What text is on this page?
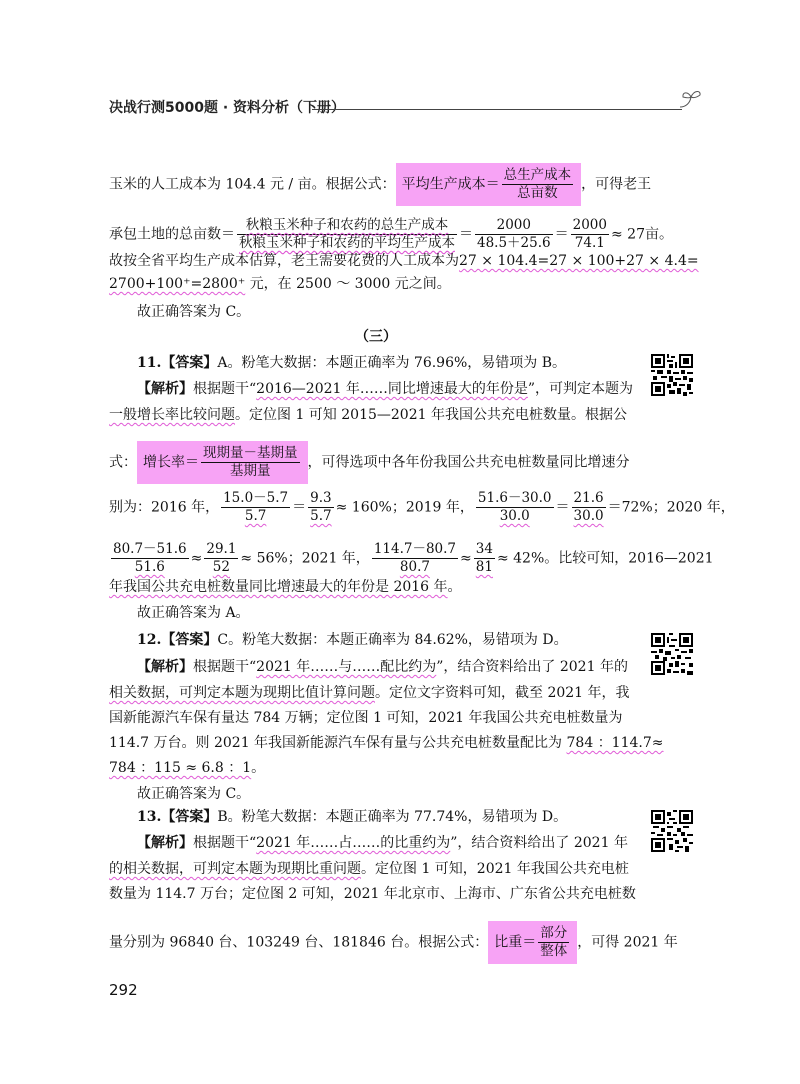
决战行测5000题 · 资料分析（下册）
玉米的人工成本为 104.4 元 / 亩。根据公式： 平均生产成本＝ $\frac{\text{总生产成本}}{\text{总亩数}}$ ，可得老王
承包土地的总亩数＝ $\frac{\text{秋粮玉米种子和农药的总生产成本}}{\text{秋粮玉米种子和农药的平均生产成本}} = \frac{2000}{48.5+25.6} = \frac{2000}{74.1} \approx 27$亩。
故按全省平均生产成本估算，老王需要花费的人工成本为27 × 104.4=27 × 100+27 × 4.4=
2700+100⁺=2800⁺ 元，在 2500 ～ 3000 元之间。
故正确答案为 C。
（三）
11.【答案】A。粉笔大数据：本题正确率为 76.96%，易错项为 B。
【解析】根据题干“2016—2021 年……同比增速最大的年份是”，可判定本题为
一般增长率比较问题。定位图 1 可知 2015—2021 年我国公共充电桩数量。根据公
式： 增长率＝ $\frac{\text{现期量－基期量}}{\text{基期量}}$ ，可得选项中各年份我国公共充电桩数量同比增速分
别为：2016 年， $\frac{15.0-5.7}{5.7} = \frac{9.3}{5.7} \approx 160\%$；2019 年， $\frac{51.6-30.0}{30.0} = \frac{21.6}{30.0} =72\%$；2020 年，
$\frac{80.7-51.6}{51.6} \approx \frac{29.1}{52} \approx 56\%$；2021 年， $\frac{114.7-80.7}{80.7} \approx \frac{34}{81} \approx 42\%$。比较可知，2016—2021
年我国公共充电桩数量同比增速最大的年份是 2016 年。
故正确答案为 A。
12.【答案】C。粉笔大数据：本题正确率为 84.62%，易错项为 D。
【解析】根据题干“2021 年……与……配比约为”，结合资料给出了 2021 年的
相关数据，可判定本题为现期比值计算问题。定位文字资料可知，截至 2021 年，我
国新能源汽车保有量达 784 万辆；定位图 1 可知，2021 年我国公共充电桩数量为
114.7 万台。则 2021 年我国新能源汽车保有量与公共充电桩数量配比为 784 ：114.7≈
784 ：115 ≈ 6.8 ：1。
故正确答案为 C。
13.【答案】B。粉笔大数据：本题正确率为 77.74%，易错项为 D。
【解析】根据题干“2021 年……占……的比重约为”，结合资料给出了 2021 年
的相关数据，可判定本题为现期比重问题。定位图 1 可知，2021 年我国公共充电桩
数量为 114.7 万台；定位图 2 可知，2021 年北京市、上海市、广东省公共充电桩数
量分别为 96840 台、103249 台、181846 台。根据公式： 比重＝ $\frac{\text{部分}}{\text{整体}}$ ，可得 2021 年
292
